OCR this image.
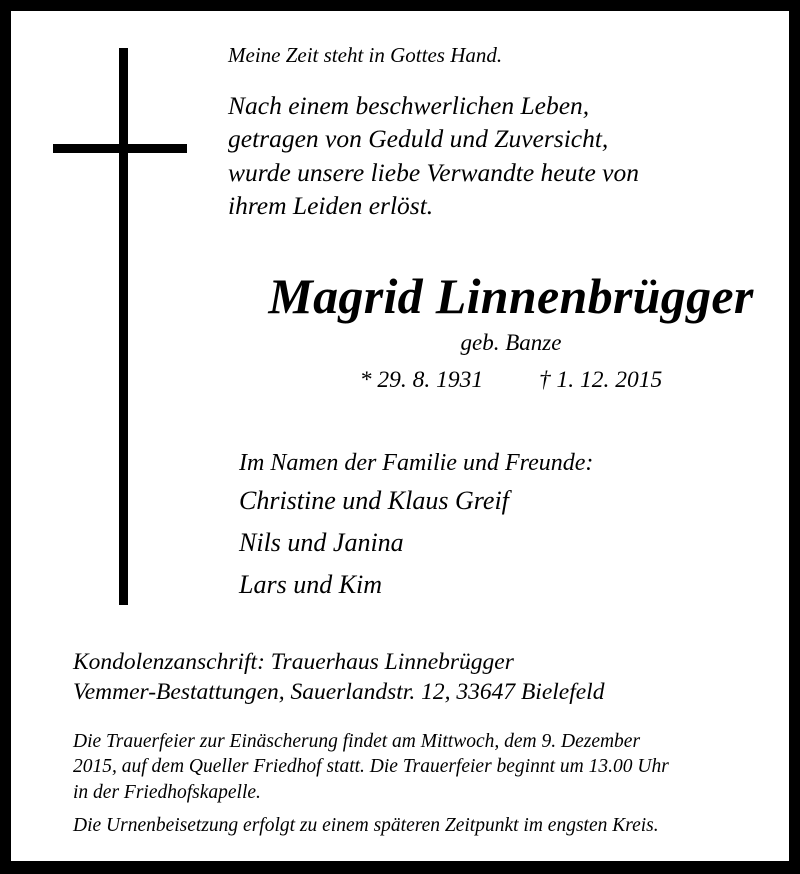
Meine Zeit steht in Gottes Hand.

Nach einem beschwerlichen Leben,
getragen von Geduld und Zuversicht,
wurde unsere liebe Verwandte heute von
ihrem Leiden erlöst.
Magrid Linnenbrügger

geb. Banze

* 29. 8. 1931 † 1. 12. 2015

Im Namen der Familie und Freunde:

Christine und Klaus Greif

Nils und Janina

Lars und Kim

Kondolenzanschrift: Trauerhaus Linnebrügger

Vemmer-Bestattungen, Sauerlandstr. 12, 33647 Bielefeld

Die Trauerfeier zur Einäscherung findet am Mittwoch, dem 9. Dezember
2015, auf dem Queller Friedhof statt. Die Trauerfeier beginnt um 13.00 Uhr
in der Friedhofskapelle.

Die Urnenbeisetzung erfolgt zu einem späteren Zeitpunkt im engsten Kreis.
